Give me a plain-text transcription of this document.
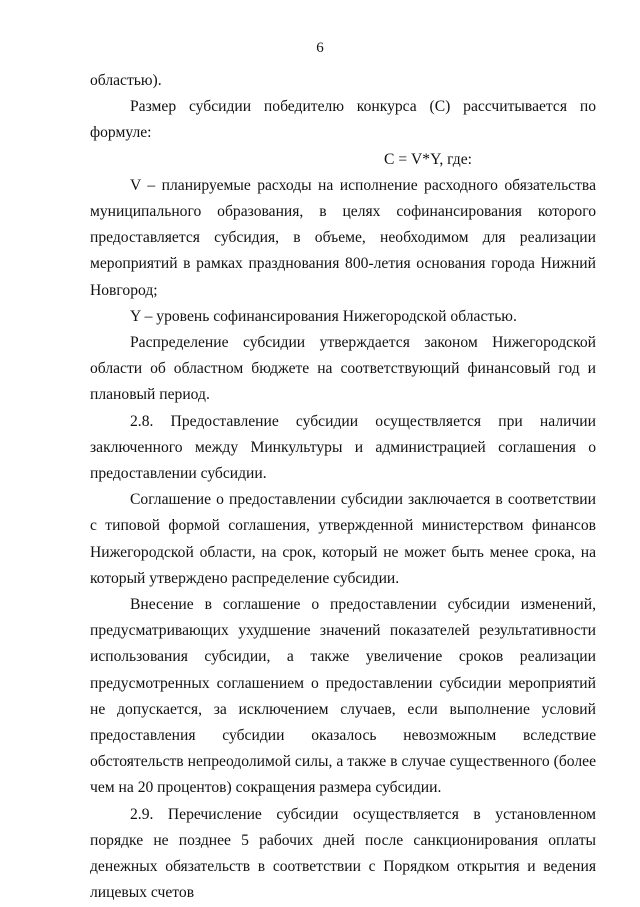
6

областью).

Размер субсидии победителю конкурса (С) рассчитывается по формуле:

С = V*Y, где:

V – планируемые расходы на исполнение расходного обязательства муниципального образования, в целях софинансирования которого предоставляется субсидия, в объеме, необходимом для реализации мероприятий в рамках празднования 800-летия основания города Нижний Новгород;

Y – уровень софинансирования Нижегородской областью.

Распределение субсидии утверждается законом Нижегородской области об областном бюджете на соответствующий финансовый год и плановый период.

2.8. Предоставление субсидии осуществляется при наличии заключенного между Минкультуры и администрацией соглашения о предоставлении субсидии.

Соглашение о предоставлении субсидии заключается в соответствии с типовой формой соглашения, утвержденной министерством финансов Нижегородской области, на срок, который не может быть менее срока, на который утверждено распределение субсидии.

Внесение в соглашение о предоставлении субсидии изменений, предусматривающих ухудшение значений показателей результативности использования субсидии, а также увеличение сроков реализации предусмотренных соглашением о предоставлении субсидии мероприятий не допускается, за исключением случаев, если выполнение условий предоставления субсидии оказалось невозможным вследствие обстоятельств непреодолимой силы, а также в случае существенного (более чем на 20 процентов) сокращения размера субсидии.

2.9. Перечисление субсидии осуществляется в установленном порядке не позднее 5 рабочих дней после санкционирования оплаты денежных обязательств в соответствии с Порядком открытия и ведения лицевых счетов
